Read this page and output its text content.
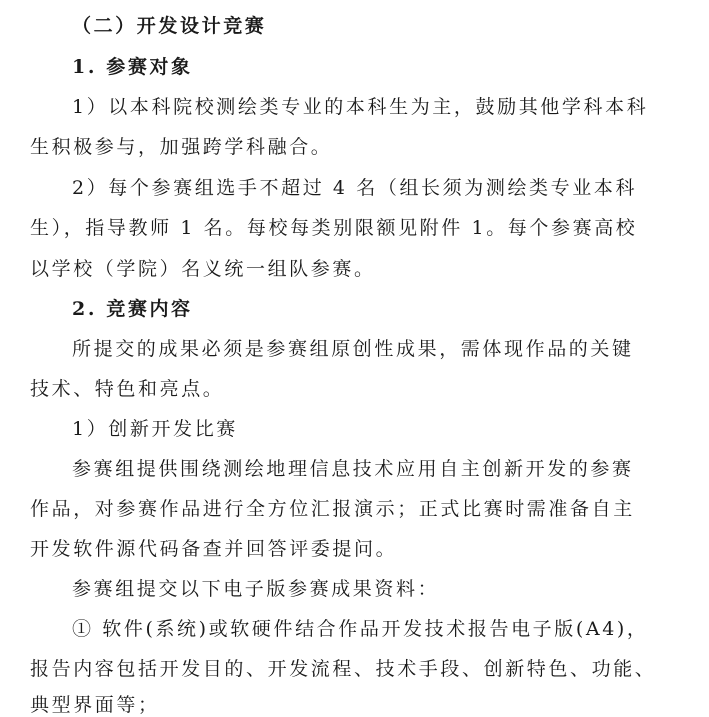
（二）开发设计竞赛
1. 参赛对象
1）以本科院校测绘类专业的本科生为主，鼓励其他学科本科
生积极参与，加强跨学科融合。
2）每个参赛组选手不超过 4 名（组长须为测绘类专业本科
生），指导教师 1 名。每校每类别限额见附件 1。每个参赛高校
以学校（学院）名义统一组队参赛。
2. 竞赛内容
所提交的成果必须是参赛组原创性成果，需体现作品的关键
技术、特色和亮点。
1）创新开发比赛
参赛组提供围绕测绘地理信息技术应用自主创新开发的参赛
作品，对参赛作品进行全方位汇报演示；正式比赛时需准备自主
开发软件源代码备查并回答评委提问。
参赛组提交以下电子版参赛成果资料：
① 软件(系统)或软硬件结合作品开发技术报告电子版(A4)，
报告内容包括开发目的、开发流程、技术手段、创新特色、功能、
典型界面等；
